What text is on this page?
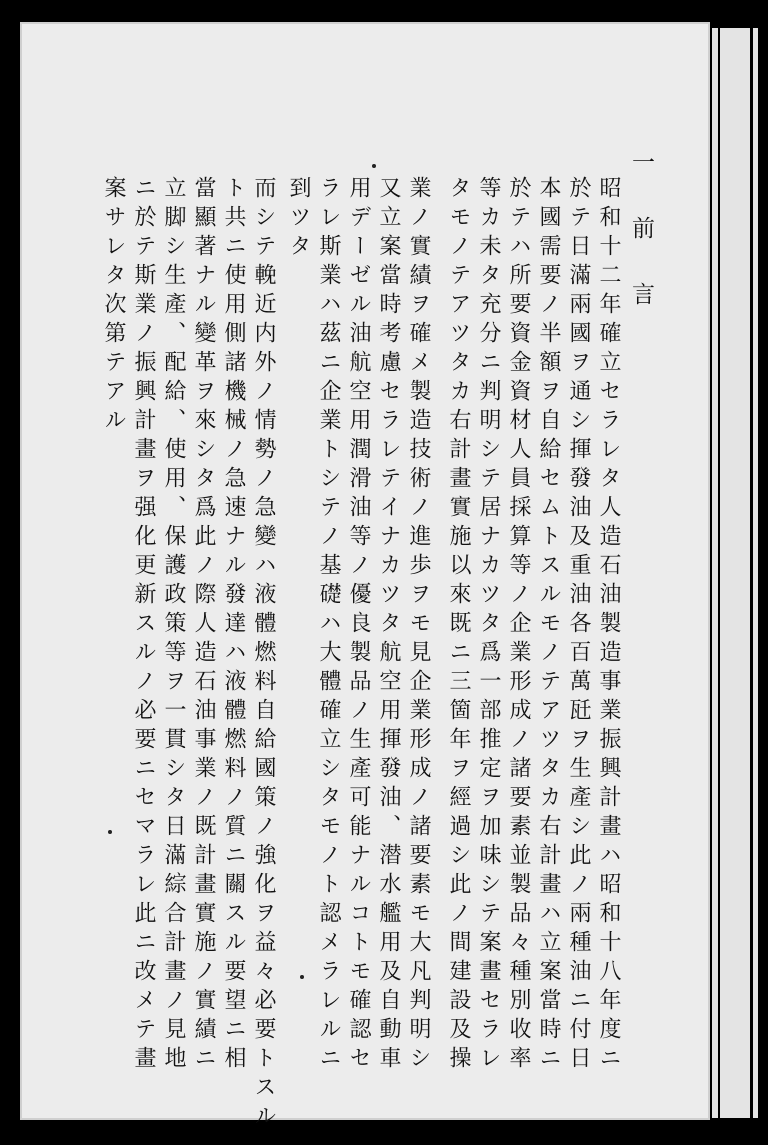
一　前　言
昭和十二年確立セラレタ人造石油製造事業振興計畫ハ昭和十八年度ニ
於テ日滿兩國ヲ通シ揮發油及重油各百萬瓩ヲ生產シ此ノ兩種油ニ付日
本國需要ノ半額ヲ自給セムトスルモノテアツタカ右計畫ハ立案當時ニ
於テハ所要資金資材人員採算等ノ企業形成ノ諸要素並製品々種別收率
等カ未タ充分ニ判明シテ居ナカツタ爲一部推定ヲ加味シテ案畫セラレ
タモノテアツタカ右計畫實施以來既ニ三箇年ヲ經過シ此ノ間建設及操
業ノ實績ヲ確メ製造技術ノ進歩ヲモ見企業形成ノ諸要素モ大凡判明シ
又立案當時考慮セラレテイナカツタ航空用揮發油、潜水艦用及自動車
用デーゼル油航空用潤滑油等ノ優良製品ノ生產可能ナルコトモ確認セ
ラレ斯業ハ茲ニ企業トシテノ基礎ハ大體確立シタモノト認メラレルニ
到ツタ
而シテ輓近内外ノ情勢ノ急變ハ液體燃料自給國策ノ強化ヲ益々必要トスル
ト共ニ使用側諸機械ノ急速ナル發達ハ液體燃料ノ質ニ關スル要望ニ相
當顯著ナル變革ヲ來シタ爲此ノ際人造石油事業ノ既計畫實施ノ實績ニ
立脚シ生產、配給、使用、保護政策等ヲ一貫シタ日滿綜合計畫ノ見地
ニ於テ斯業ノ振興計畫ヲ强化更新スルノ必要ニセマラレ此ニ改メテ畫
案サレタ次第テアル
